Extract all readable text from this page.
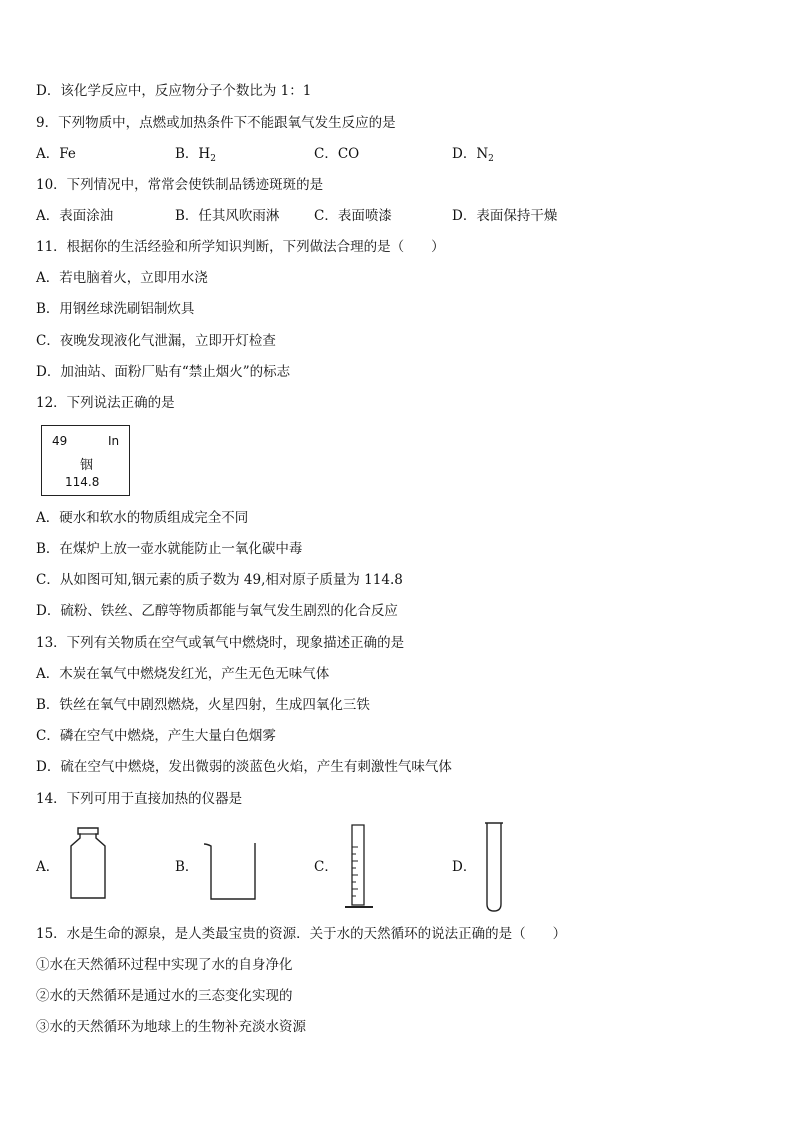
D．该化学反应中，反应物分子个数比为 1：1
9．下列物质中，点燃或加热条件下不能跟氧气发生反应的是
A．Fe	B．$H_2$	C．CO	D．$N_2$
10．下列情况中，常常会使铁制品锈迹斑斑的是
A．表面涂油	B．任其风吹雨淋	C．表面喷漆	D．表面保持干燥
11．根据你的生活经验和所学知识判断，下列做法合理的是（　　）
A．若电脑着火，立即用水浇
B．用钢丝球洗刷铝制炊具
C．夜晚发现液化气泄漏，立即开灯检查
D．加油站、面粉厂贴有“禁止烟火”的标志
12．下列说法正确的是
49	In
铟
114.8
A．硬水和软水的物质组成完全不同
B．在煤炉上放一壶水就能防止一氧化碳中毒
C．从如图可知,铟元素的质子数为 49,相对原子质量为 114.8
D．硫粉、铁丝、乙醇等物质都能与氧气发生剧烈的化合反应
13．下列有关物质在空气或氧气中燃烧时，现象描述正确的是
A．木炭在氧气中燃烧发红光，产生无色无味气体
B．铁丝在氧气中剧烈燃烧，火星四射，生成四氧化三铁
C．磷在空气中燃烧，产生大量白色烟雾
D．硫在空气中燃烧，发出微弱的淡蓝色火焰，产生有刺激性气味气体
14．下列可用于直接加热的仪器是
A．	B．	C．	D．
15．水是生命的源泉，是人类最宝贵的资源．关于水的天然循环的说法正确的是（　　）
①水在天然循环过程中实现了水的自身净化
②水的天然循环是通过水的三态变化实现的
③水的天然循环为地球上的生物补充淡水资源
